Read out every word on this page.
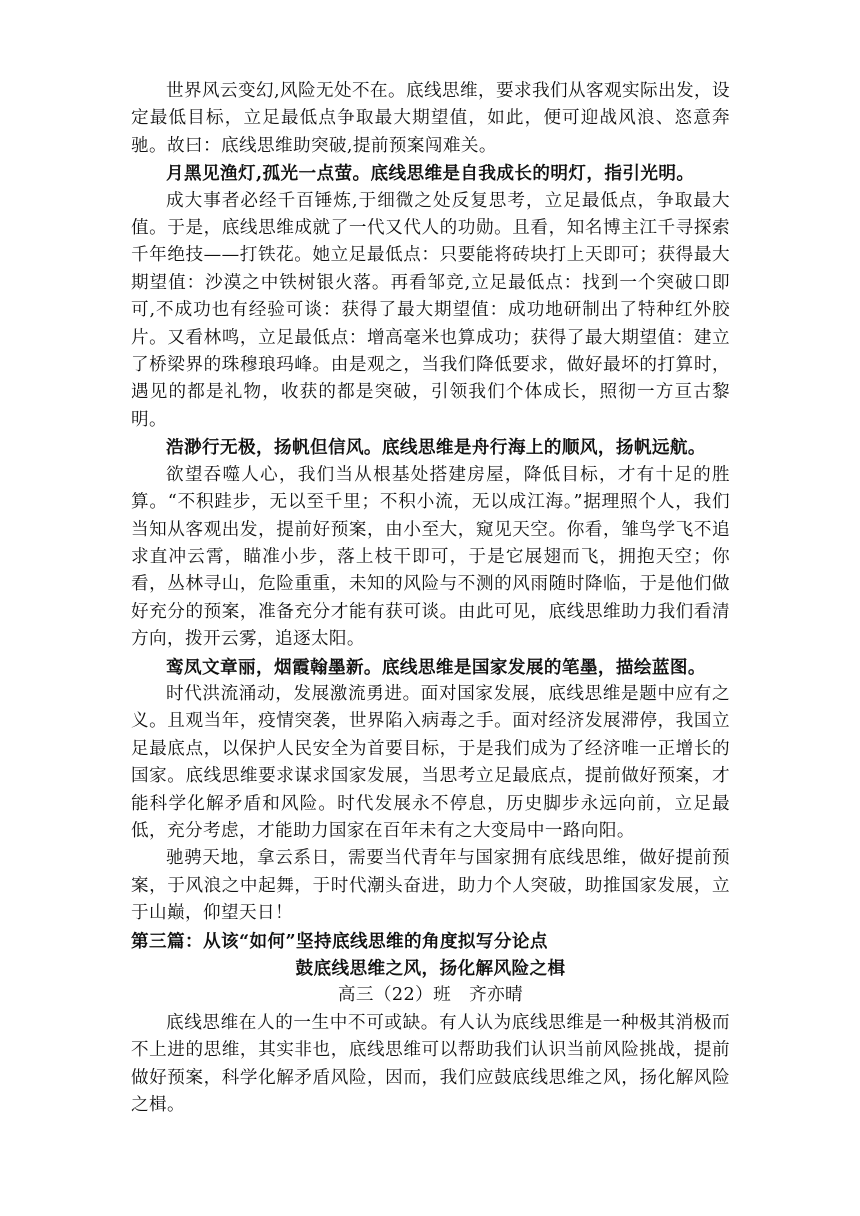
世界风云变幻,风险无处不在。底线思维，要求我们从客观实际出发，设定最低目标，立足最低点争取最大期望值，如此，便可迎战风浪、恣意奔驰。故曰：底线思维助突破,提前预案闯难关。

月黑见渔灯,孤光一点萤。底线思维是自我成长的明灯，指引光明。

成大事者必经千百锤炼,于细微之处反复思考，立足最低点，争取最大值。于是，底线思维成就了一代又代人的功勋。且看，知名博主江千寻探索千年绝技——打铁花。她立足最低点：只要能将砖块打上天即可；获得最大期望值：沙漠之中铁树银火落。再看邹竞,立足最低点：找到一个突破口即可,不成功也有经验可谈：获得了最大期望值：成功地研制出了特种红外胶片。又看林鸣，立足最低点：增高毫米也算成功；获得了最大期望值：建立了桥梁界的珠穆琅玛峰。由是观之，当我们降低要求，做好最坏的打算时，遇见的都是礼物，收获的都是突破，引领我们个体成长，照彻一方亘古黎明。

浩渺行无极，扬帆但信风。底线思维是舟行海上的顺风，扬帆远航。

欲望吞噬人心，我们当从根基处搭建房屋，降低目标，才有十足的胜算。“不积跬步，无以至千里；不积小流，无以成江海。”据理照个人，我们当知从客观出发，提前好预案，由小至大，窥见天空。你看，雏鸟学飞不追求直冲云霄，瞄准小步，落上枝干即可，于是它展翅而飞，拥抱天空；你看，丛林寻山，危险重重，未知的风险与不测的风雨随时降临，于是他们做好充分的预案，准备充分才能有获可谈。由此可见，底线思维助力我们看清方向，拨开云雾，追逐太阳。

鸾凤文章丽，烟霞翰墨新。底线思维是国家发展的笔墨，描绘蓝图。

时代洪流涌动，发展激流勇进。面对国家发展，底线思维是题中应有之义。且观当年，疫情突袭，世界陷入病毒之手。面对经济发展滞停，我国立足最底点，以保护人民安全为首要目标，于是我们成为了经济唯一正增长的国家。底线思维要求谋求国家发展，当思考立足最底点，提前做好预案，才能科学化解矛盾和风险。时代发展永不停息，历史脚步永远向前，立足最低，充分考虑，才能助力国家在百年未有之大变局中一路向阳。

驰骋天地，拿云系日，需要当代青年与国家拥有底线思维，做好提前预案，于风浪之中起舞，于时代潮头奋进，助力个人突破，助推国家发展，立于山巅，仰望天日！

第三篇：从该“如何”坚持底线思维的角度拟写分论点

鼓底线思维之风，扬化解风险之楫

高三（22）班　齐亦晴

底线思维在人的一生中不可或缺。有人认为底线思维是一种极其消极而不上进的思维，其实非也，底线思维可以帮助我们认识当前风险挑战，提前做好预案，科学化解矛盾风险，因而，我们应鼓底线思维之风，扬化解风险之楫。
